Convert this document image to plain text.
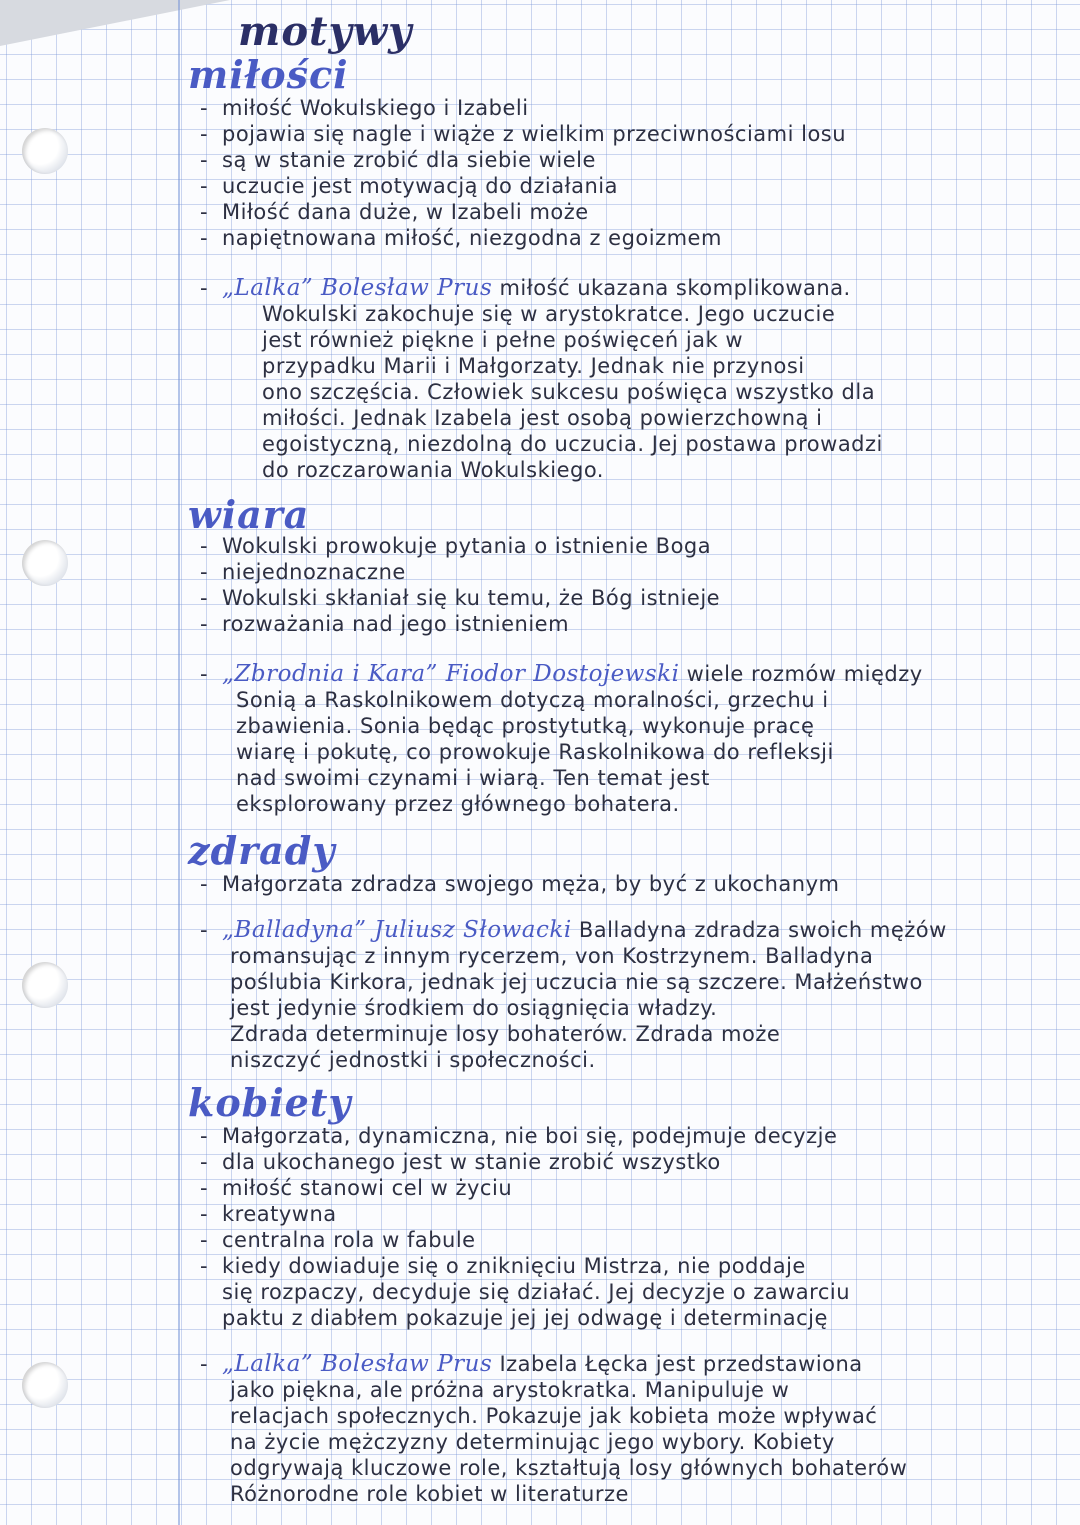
motywy
miłości
- miłość Wokulskiego i Izabeli
- pojawia się nagle i wiąże z wielkim przeciwnościami losu
- są w stanie zrobić dla siebie wiele
- uczucie jest motywacją do działania
- Miłość dana duże, w Izabeli może
- napiętnowana miłość, niezgodna z egoizmem
- „Lalka” Bolesław Prus miłość ukazana skomplikowana.
Wokulski zakochuje się w arystokratce. Jego uczucie
jest również piękne i pełne poświęceń jak w
przypadku Marii i Małgorzaty. Jednak nie przynosi
ono szczęścia. Człowiek sukcesu poświęca wszystko dla
miłości. Jednak Izabela jest osobą powierzchowną i
egoistyczną, niezdolną do uczucia. Jej postawa prowadzi
do rozczarowania Wokulskiego.
wiara
- Wokulski prowokuje pytania o istnienie Boga
- niejednoznaczne
- Wokulski skłaniał się ku temu, że Bóg istnieje
- rozważania nad jego istnieniem
- „Zbrodnia i Kara” Fiodor Dostojewski wiele rozmów między
Sonią a Raskolnikowem dotyczą moralności, grzechu i
zbawienia. Sonia będąc prostytutką, wykonuje pracę
wiarę i pokutę, co prowokuje Raskolnikowa do refleksji
nad swoimi czynami i wiarą. Ten temat jest
eksplorowany przez głównego bohatera.
zdrady
- Małgorzata zdradza swojego męża, by być z ukochanym
- „Balladyna” Juliusz Słowacki Balladyna zdradza swoich mężów
romansując z innym rycerzem, von Kostrzynem. Balladyna
poślubia Kirkora, jednak jej uczucia nie są szczere. Małżeństwo
jest jedynie środkiem do osiągnięcia władzy.
Zdrada determinuje losy bohaterów. Zdrada może
niszczyć jednostki i społeczności.
kobiety
- Małgorzata, dynamiczna, nie boi się, podejmuje decyzje
- dla ukochanego jest w stanie zrobić wszystko
- miłość stanowi cel w życiu
- kreatywna
- centralna rola w fabule
- kiedy dowiaduje się o zniknięciu Mistrza, nie poddaje
się rozpaczy, decyduje się działać. Jej decyzje o zawarciu
paktu z diabłem pokazuje jej jej odwagę i determinację
- „Lalka” Bolesław Prus Izabela Łęcka jest przedstawiona
jako piękna, ale próżna arystokratka. Manipuluje w
relacjach społecznych. Pokazuje jak kobieta może wpływać
na życie mężczyzny determinując jego wybory. Kobiety
odgrywają kluczowe role, kształtują losy głównych bohaterów
Różnorodne role kobiet w literaturze
